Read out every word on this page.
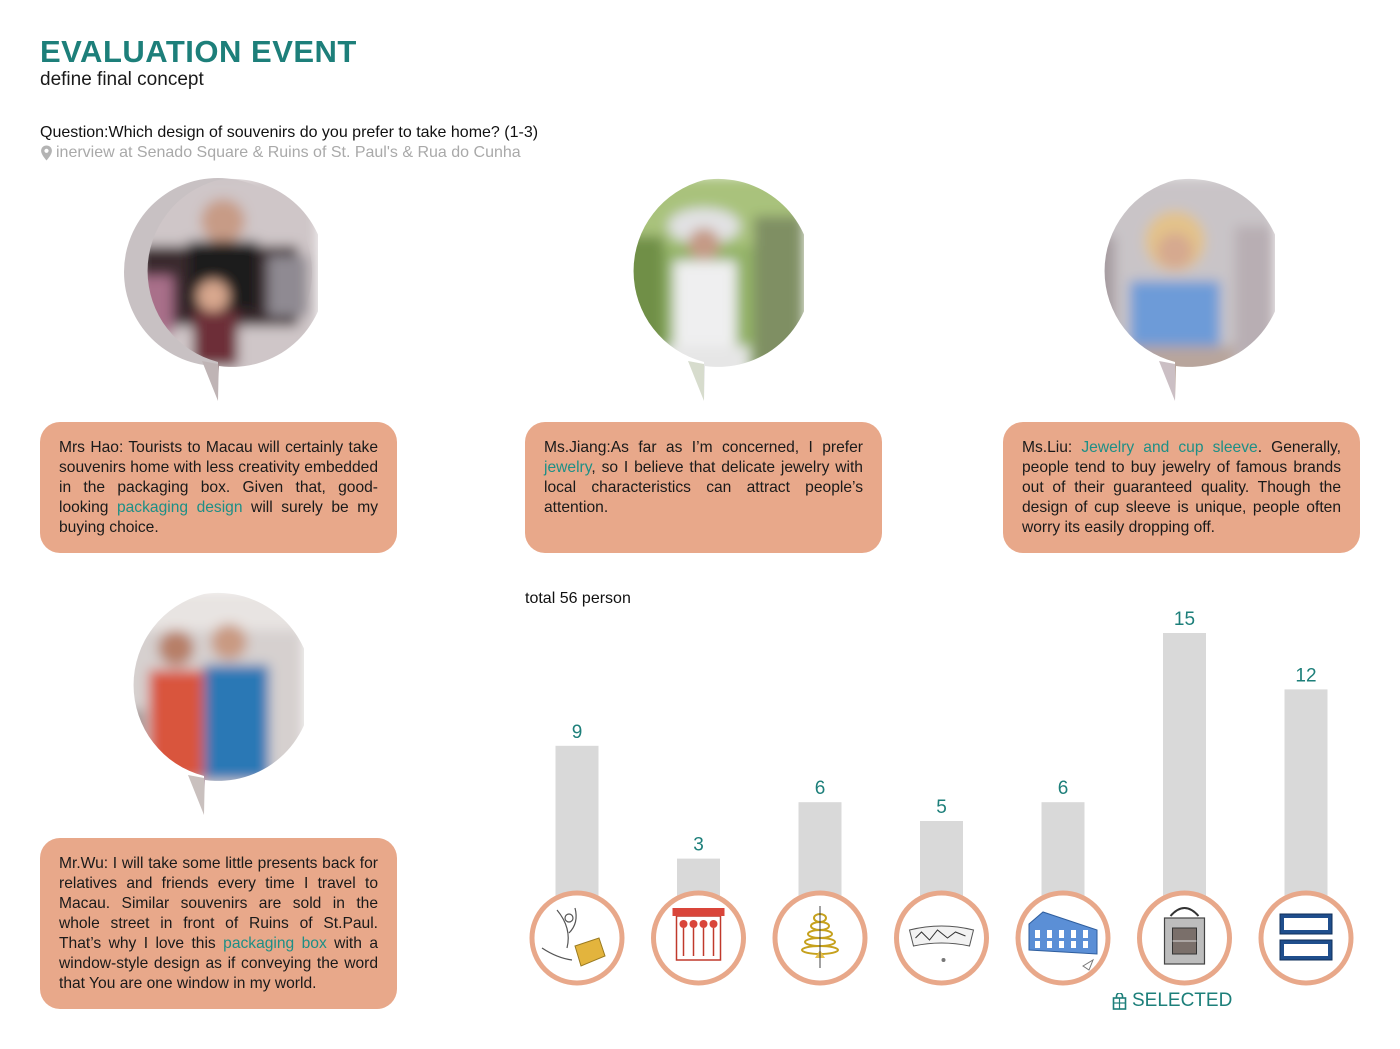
EVALUATION EVENT
define final concept
Question:Which design of souvenirs do you prefer to take home? (1-3)
inerview at Senado Square & Ruins of St. Paul's & Rua do Cunha
Mrs Hao: Tourists to Macau will certainly take souvenirs home with less creativity embedded in the packaging box. Given that, good-looking packaging design will surely be my buying choice.
Ms.Jiang:As far as I’m concerned, I prefer jewelry, so I believe that delicate jewelry with local characteristics can attract people’s attention.
Ms.Liu: Jewelry and cup sleeve. Generally, people tend to buy jewelry of famous brands out of their guaranteed quality. Though the design of cup sleeve is unique, people often worry its easily dropping off.
Mr.Wu: I will take some little presents back for relatives and friends every time I travel to Macau. Similar souvenirs are sold in the whole street in front of Ruins of St.Paul. That’s why I love this packaging box with a window-style design as if conveying the word that You are one window in my world.
total 56 person
9
3
6
5
6
15
12
SELECTED
